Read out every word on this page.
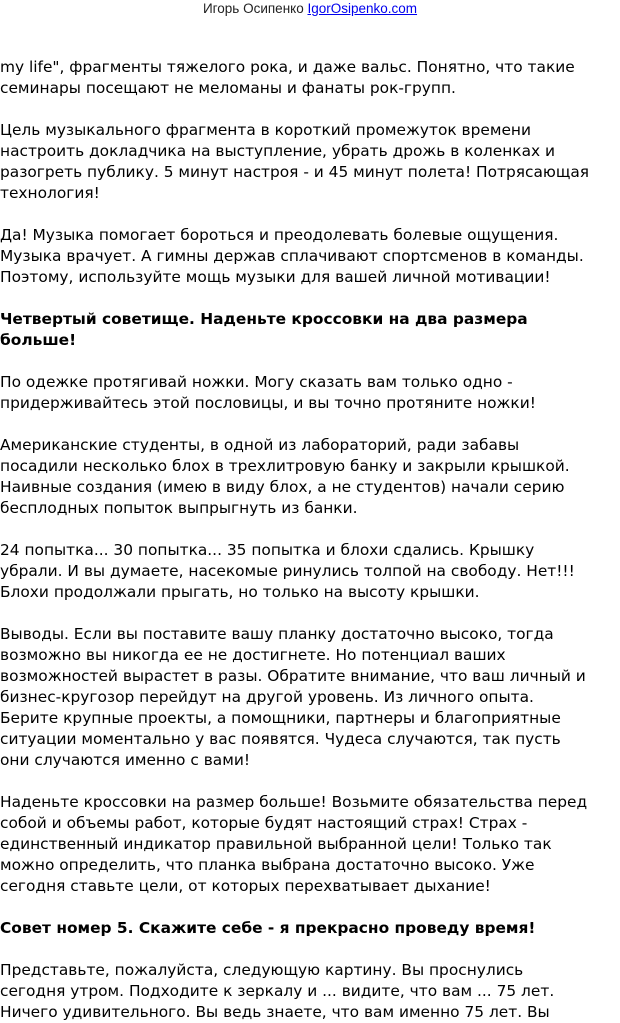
Игорь Осипенко IgorOsipenko.com

my life", фрагменты тяжелого рока, и даже вальс. Понятно, что такие
семинары посещают не меломаны и фанаты рок-групп.

Цель музыкального фрагмента в короткий промежуток времени
настроить докладчика на выступление, убрать дрожь в коленках и
разогреть публику. 5 минут настроя - и 45 минут полета! Потрясающая
технология!

Да! Музыка помогает бороться и преодолевать болевые ощущения.
Музыка врачует. А гимны держав сплачивают спортсменов в команды.
Поэтому, используйте мощь музыки для вашей личной мотивации!

Четвертый советище. Наденьте кроссовки на два размера
больше!

По одежке протягивай ножки. Могу сказать вам только одно -
придерживайтесь этой пословицы, и вы точно протяните ножки!

Американские студенты, в одной из лабораторий, ради забавы
посадили несколько блох в трехлитровую банку и закрыли крышкой.
Наивные создания (имею в виду блох, а не студентов) начали серию
бесплодных попыток выпрыгнуть из банки.

24 попытка... 30 попытка... 35 попытка и блохи сдались. Крышку
убрали. И вы думаете, насекомые ринулись толпой на свободу. Нет!!!
Блохи продолжали прыгать, но только на высоту крышки.

Выводы. Если вы поставите вашу планку достаточно высоко, тогда
возможно вы никогда ее не достигнете. Но потенциал ваших
возможностей вырастет в разы. Обратите внимание, что ваш личный и
бизнес-кругозор перейдут на другой уровень. Из личного опыта.
Берите крупные проекты, а помощники, партнеры и благоприятные
ситуации моментально у вас появятся. Чудеса случаются, так пусть
они случаются именно с вами!

Наденьте кроссовки на размер больше! Возьмите обязательства перед
собой и объемы работ, которые будят настоящий страх! Страх -
единственный индикатор правильной выбранной цели! Только так
можно определить, что планка выбрана достаточно высоко. Уже
сегодня ставьте цели, от которых перехватывает дыхание!

Совет номер 5. Скажите себе - я прекрасно проведу время!

Представьте, пожалуйста, следующую картину. Вы проснулись
сегодня утром. Подходите к зеркалу и ... видите, что вам ... 75 лет.
Ничего удивительного. Вы ведь знаете, что вам именно 75 лет. Вы
